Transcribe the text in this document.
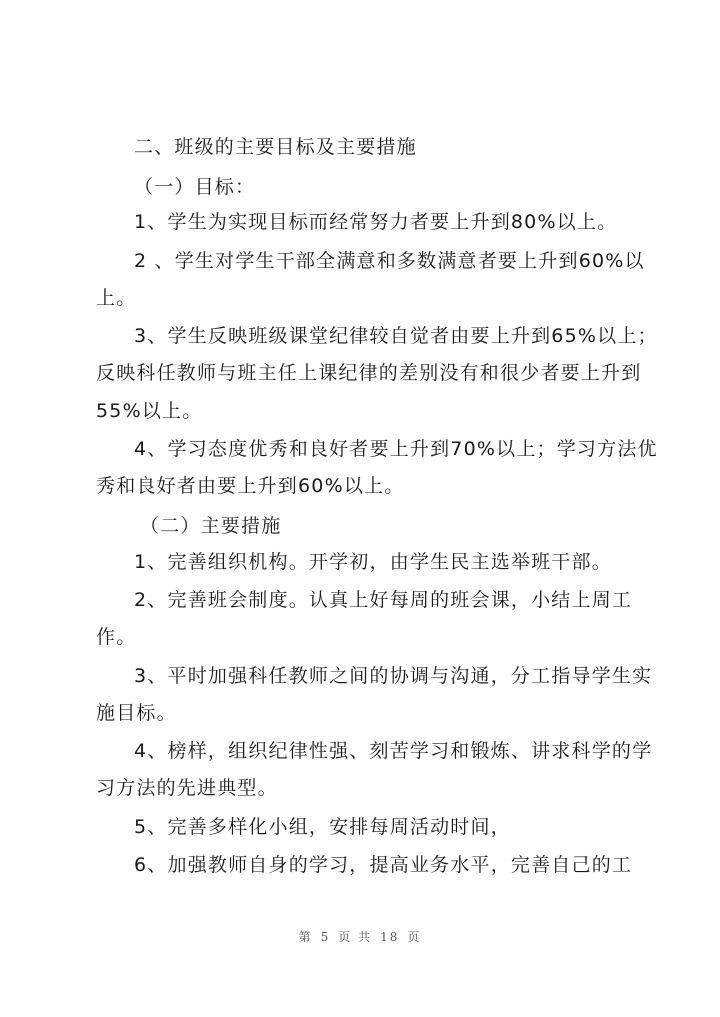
二、班级的主要目标及主要措施

（一）目标：

1、学生为实现目标而经常努力者要上升到80%以上。

2 、学生对学生干部全满意和多数满意者要上升到60%以

上。

3、学生反映班级课堂纪律较自觉者由要上升到65%以上；

反映科任教师与班主任上课纪律的差别没有和很少者要上升到

55%以上。

4、学习态度优秀和良好者要上升到70%以上；学习方法优

秀和良好者由要上升到60%以上。

（二）主要措施

1、完善组织机构。开学初，由学生民主选举班干部。

2、完善班会制度。认真上好每周的班会课，小结上周工

作。

3、平时加强科任教师之间的协调与沟通，分工指导学生实

施目标。

4、榜样，组织纪律性强、刻苦学习和锻炼、讲求科学的学

习方法的先进典型。

5、完善多样化小组，安排每周活动时间，

6、加强教师自身的学习，提高业务水平，完善自己的工

第 5 页 共 18 页
